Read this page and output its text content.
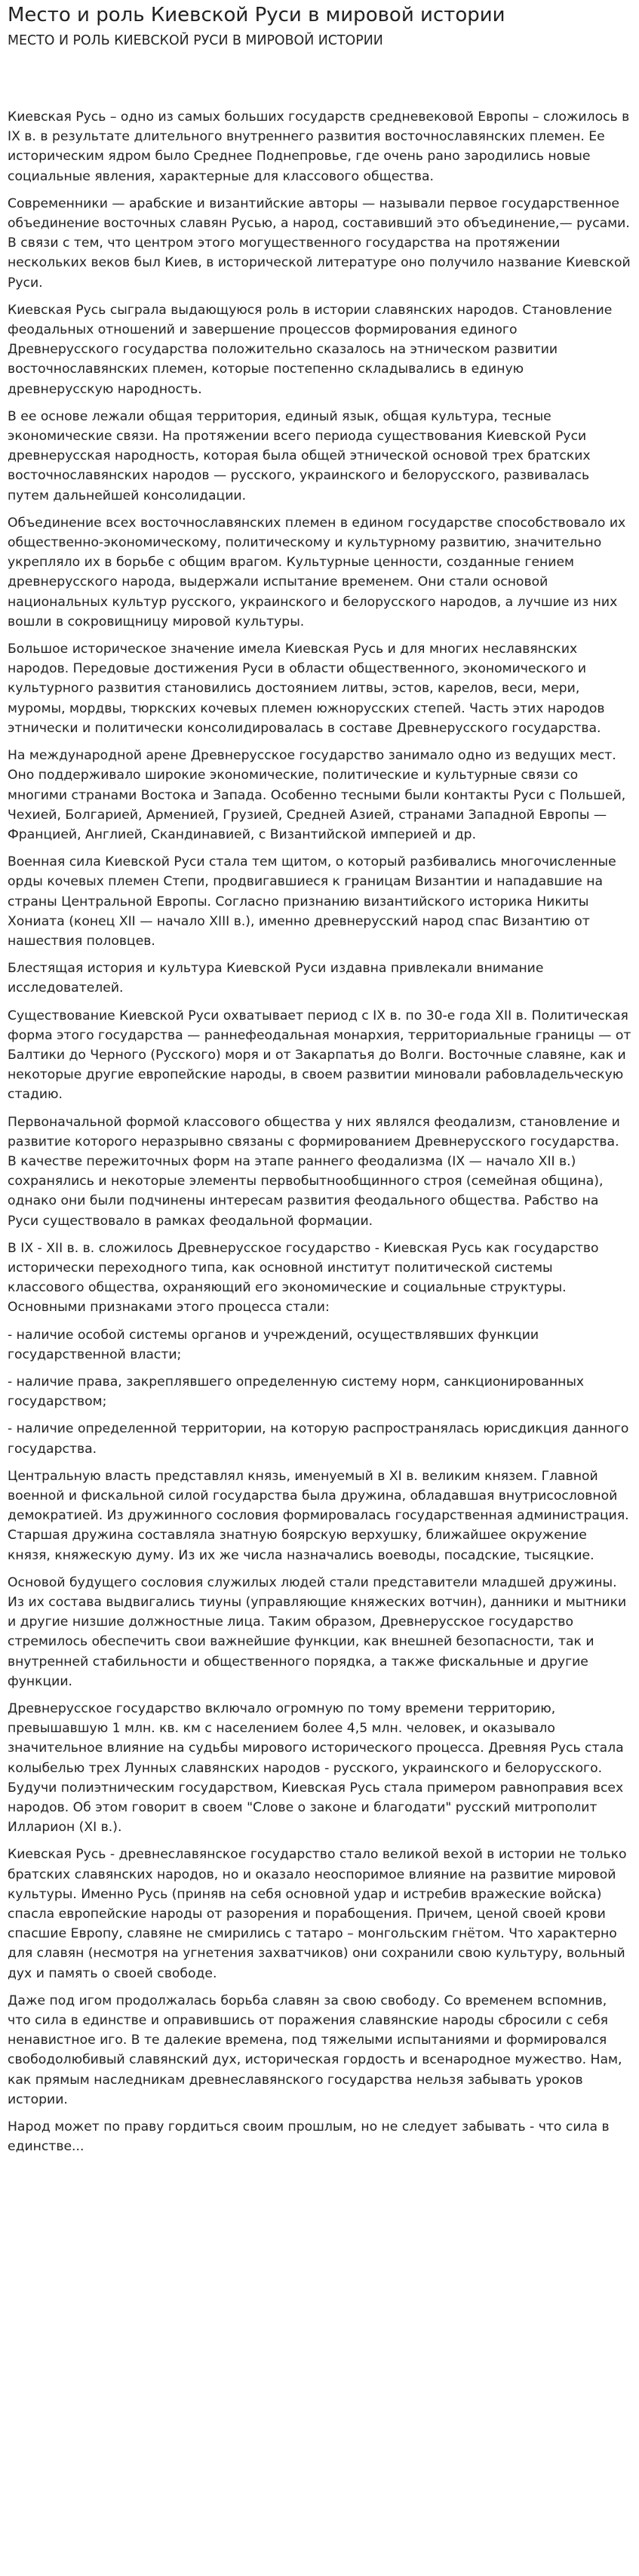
Место и роль Киевской Руси в мировой истории
МЕСТО И РОЛЬ КИЕВСКОЙ РУСИ В МИРОВОЙ ИСТОРИИ

Киевская Русь – одно из самых больших государств средневековой Европы – сложилось в IX в. в результате длительного внутреннего развития восточнославянских племен. Ее историческим ядром было Среднее Поднепровье, где очень рано зародились новые социальные явления, характерные для классового общества.

Современники — арабские и византийские авторы — называли первое государственное объединение восточных славян Русью, а народ, составивший это объединение,— русами. В связи с тем, что центром этого могущественного государства на протяжении нескольких веков был Киев, в исторической литературе оно получило название Киевской Руси.

Киевская Русь сыграла выдающуюся роль в истории славянских народов. Становление феодальных отношений и завершение процессов формирования единого Древнерусского государства положительно сказалось на этническом развитии восточнославянских племен, которые постепенно складывались в единую древнерусскую народность.

В ее основе лежали общая территория, единый язык, общая культура, тесные экономические связи. На протяжении всего периода существования Киевской Руси древнерусская народность, которая была общей этнической основой трех братских восточнославянских народов — русского, украинского и белорусского, развивалась путем дальнейшей консолидации.

Объединение всех восточнославянских племен в едином государстве способствовало их общественно-экономическому, политическому и культурному развитию, значительно укрепляло их в борьбе с общим врагом. Культурные ценности, созданные гением древнерусского народа, выдержали испытание временем. Они стали основой национальных культур русского, украинского и белорусского народов, а лучшие из них вошли в сокровищницу мировой культуры.

Большое историческое значение имела Киевская Русь и для многих неславянских народов. Передовые достижения Руси в области общественного, экономического и культурного развития становились достоянием литвы, эстов, карелов, веси, мери, муромы, мордвы, тюркских кочевых племен южнорусских степей. Часть этих народов этнически и политически консолидировалась в составе Древнерусского государства.

На международной арене Древнерусское государство занимало одно из ведущих мест. Оно поддерживало широкие экономические, политические и культурные связи со многими странами Востока и Запада. Особенно тесными были контакты Руси с Польшей, Чехией, Болгарией, Арменией, Грузией, Средней Азией, странами Западной Европы — Францией, Англией, Скандинавией, с Византийской империей и др.

Военная сила Киевской Руси стала тем щитом, о который разбивались многочисленные орды кочевых племен Степи, продвигавшиеся к границам Византии и нападавшие на страны Центральной Европы. Согласно признанию византийского историка Никиты Хониата (конец XII — начало XIII в.), именно древнерусский народ спас Византию от нашествия половцев.

Блестящая история и культура Киевской Руси издавна привлекали внимание исследователей.

Существование Киевской Руси охватывает период с IX в. по 30-е года XII в. Политическая форма этого государства — раннефеодальная монархия, территориальные границы — от Балтики до Черного (Русского) моря и от Закарпатья до Волги. Восточные славяне, как и некоторые другие европейские народы, в своем развитии миновали рабовладельческую стадию.

Первоначальной формой классового общества у них являлся феодализм, становление и развитие которого неразрывно связаны с формированием Древнерусского государства. В качестве пережиточных форм на этапе раннего феодализма (IX — начало XII в.) сохранялись и некоторые элементы первобытнообщинного строя (семейная община), однако они были подчинены интересам развития феодального общества. Рабство на Руси существовало в рамках феодальной формации.

В IX - XII в. в. сложилось Древнерусское государство - Киевская Русь как государство исторически переходного типа, как основной институт политической системы классового общества, охраняющий его экономические и социальные структуры. Основными признаками этого процесса стали:

- наличие особой системы органов и учреждений, осуществлявших функции государственной власти;

- наличие права, закреплявшего определенную систему норм, санкционированных государством;

- наличие определенной территории, на которую распространялась юрисдикция данного государства.

Центральную власть представлял князь, именуемый в XI в. великим князем. Главной военной и фискальной силой государства была дружина, обладавшая внутрисословной демократией. Из дружинного сословия формировалась государственная администрация. Старшая дружина составляла знатную боярскую верхушку, ближайшее окружение князя, княжескую думу. Из их же числа назначались воеводы, посадские, тысяцкие.

Основой будущего сословия служилых людей стали представители младшей дружины. Из их состава выдвигались тиуны (управляющие княжеских вотчин), данники и мытники и другие низшие должностные лица. Таким образом, Древнерусское государство стремилось обеспечить свои важнейшие функции, как внешней безопасности, так и внутренней стабильности и общественного порядка, а также фискальные и другие функции.

Древнерусское государство включало огромную по тому времени территорию, превышавшую 1 млн. кв. км с населением более 4,5 млн. человек, и оказывало значительное влияние на судьбы мирового исторического процесса. Древняя Русь стала колыбелью трех Лунных славянских народов - русского, украинского и белорусского. Будучи полиэтническим государством, Киевская Русь стала примером равноправия всех народов. Об этом говорит в своем "Слове о законе и благодати" русский митрополит Илларион (XI в.).

Киевская Русь - древнеславянское государство стало великой вехой в истории не только братских славянских народов, но и оказало неоспоримое влияние на развитие мировой культуры. Именно Русь (приняв на себя основной удар и истребив вражеские войска) спасла европейские народы от разорения и порабощения. Причем, ценой своей крови спасшие Европу, славяне не смирились с татаро – монгольским гнётом. Что характерно для славян (несмотря на угнетения захватчиков) они сохранили свою культуру, вольный дух и память о своей свободе.

Даже под игом продолжалась борьба славян за свою свободу. Со временем вспомнив, что сила в единстве и оправившись от поражения славянские народы сбросили с себя ненавистное иго. В те далекие времена, под тяжелыми испытаниями и формировался свободолюбивый славянский дух, историческая гордость и всенародное мужество. Нам, как прямым наследникам древнеславянского государства нельзя забывать уроков истории.

Народ может по праву гордиться своим прошлым, но не следует забывать - что сила в единстве...
